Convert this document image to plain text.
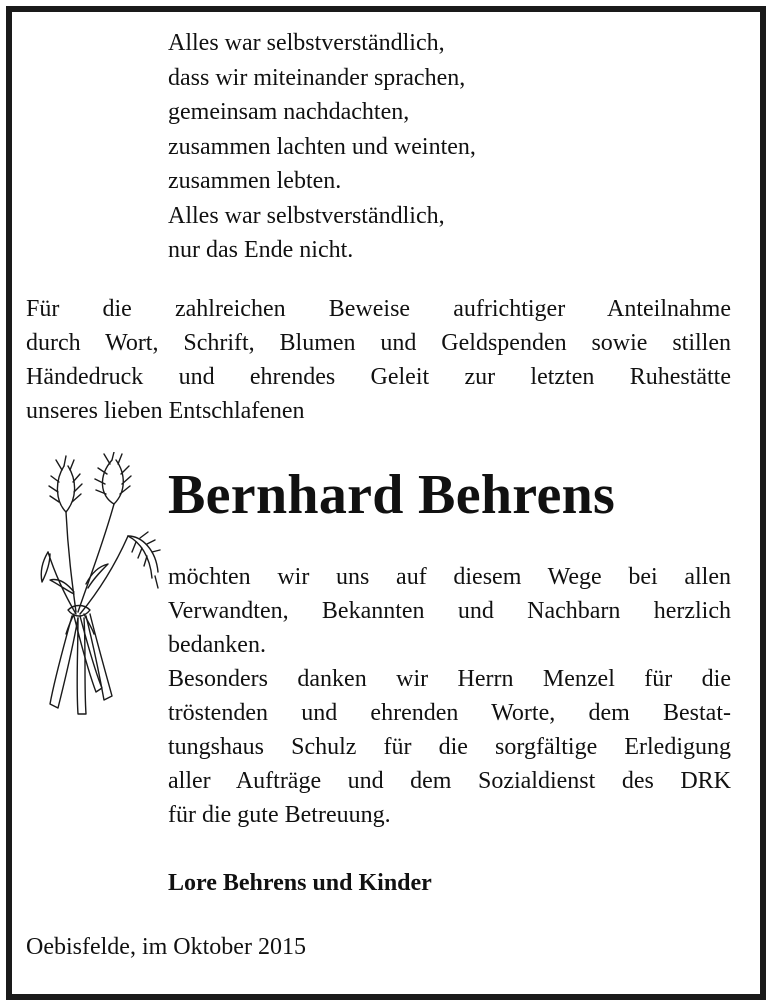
Alles war selbstverständlich,
dass wir miteinander sprachen,
gemeinsam nachdachten,
zusammen lachten und weinten,
zusammen lebten.
Alles war selbstverständlich,
nur das Ende nicht.
Für die zahlreichen Beweise aufrichtiger Anteilnahme
durch Wort, Schrift, Blumen und Geldspenden sowie stillen
Händedruck und ehrendes Geleit zur letzten Ruhestätte
unseres lieben Entschlafenen
Bernhard Behrens
möchten wir uns auf diesem Wege bei allen
Verwandten, Bekannten und Nachbarn herzlich
bedanken.
Besonders danken wir Herrn Menzel für die
tröstenden und ehrenden Worte, dem Bestat-
tungshaus Schulz für die sorgfältige Erledigung
aller Aufträge und dem Sozialdienst des DRK
für die gute Betreuung.
Lore Behrens und Kinder
Oebisfelde, im Oktober 2015
